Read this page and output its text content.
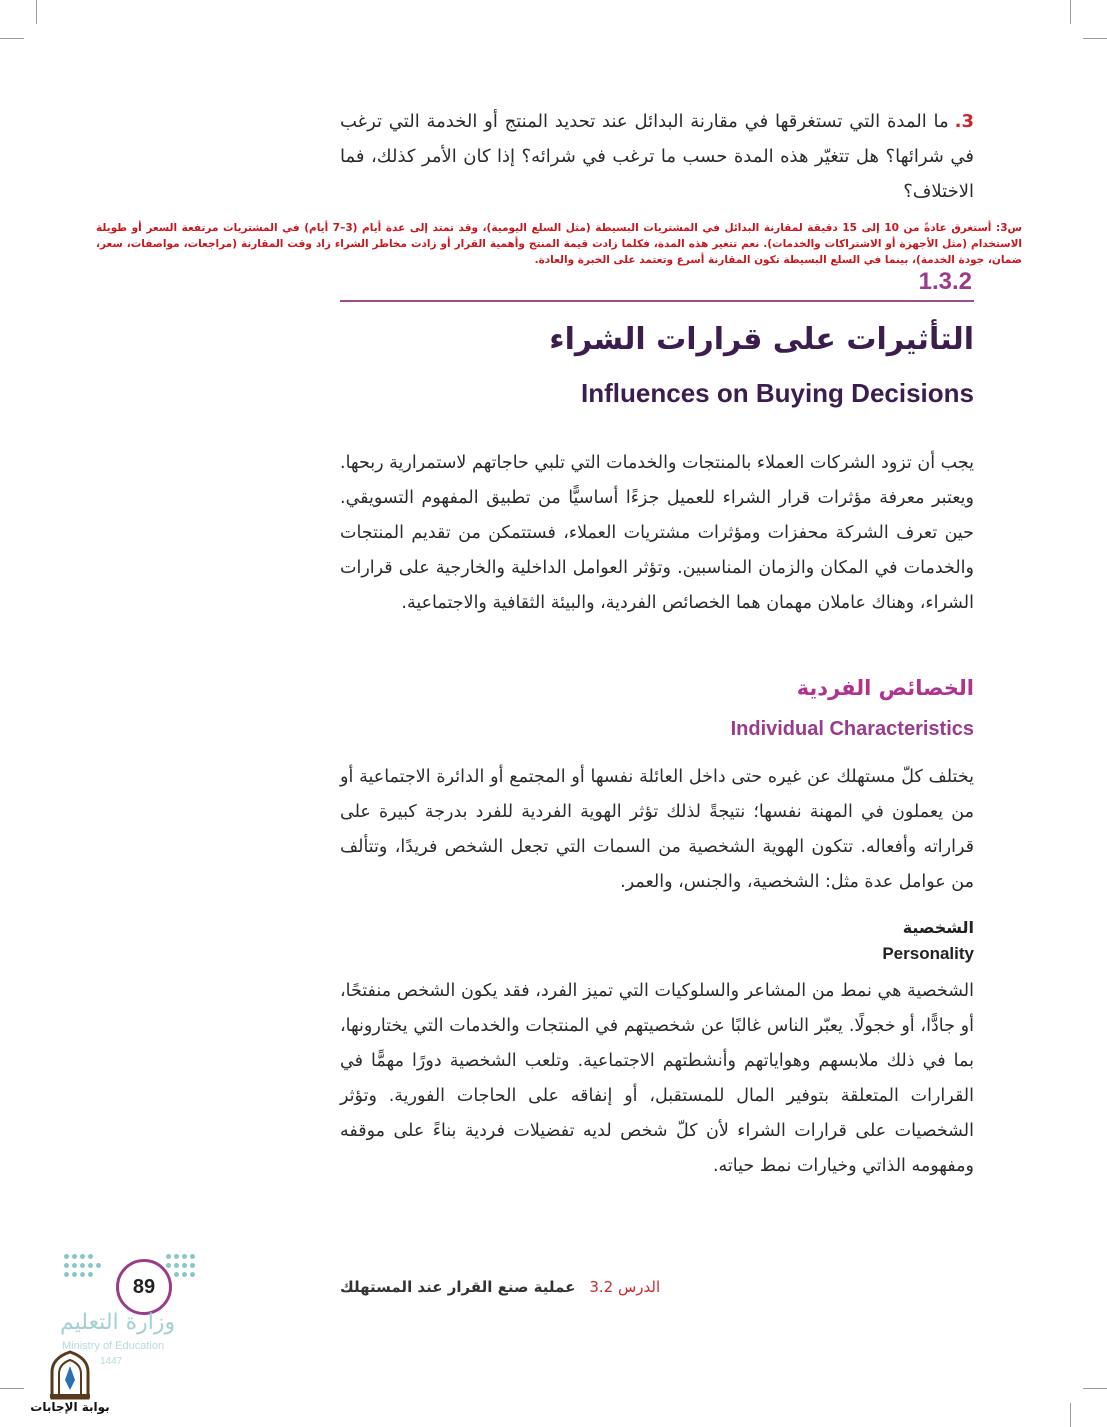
3.ما المدة التي تستغرقها في مقارنة البدائل عند تحديد المنتج أو الخدمة التي ترغب في شرائها؟ هل تتغيّر هذه المدة حسب ما ترغب في شرائه؟ إذا كان الأمر كذلك، فما الاختلاف؟
س3: أستغرق عادةً من 10 إلى 15 دقيقة لمقارنة البدائل في المشتريات البسيطة (مثل السلع اليومية)، وقد تمتد إلى عدة أيام (3–7 أيام) في المشتريات مرتفعة السعر أو طويلة الاستخدام (مثل الأجهزة أو الاشتراكات والخدمات). نعم تتغير هذه المدة، فكلما زادت قيمة المنتج وأهمية القرار أو زادت مخاطر الشراء زاد وقت المقارنة (مراجعات، مواصفات، سعر، ضمان، جودة الخدمة)، بينما في السلع البسيطة تكون المقارنة أسرع وتعتمد على الخبرة والعادة.
1.3.2
التأثيرات على قرارات الشراء
Influences on Buying Decisions
يجب أن تزود الشركات العملاء بالمنتجات والخدمات التي تلبي حاجاتهم لاستمرارية ربحها. ويعتبر معرفة مؤثرات قرار الشراء للعميل جزءًا أساسيًّا من تطبيق المفهوم التسويقي. حين تعرف الشركة محفزات ومؤثرات مشتريات العملاء، فستتمكن من تقديم المنتجات والخدمات في المكان والزمان المناسبين. وتؤثر العوامل الداخلية والخارجية على قرارات الشراء، وهناك عاملان مهمان هما الخصائص الفردية، والبيئة الثقافية والاجتماعية.
الخصائص الفردية
Individual Characteristics
يختلف كلّ مستهلك عن غيره حتى داخل العائلة نفسها أو المجتمع أو الدائرة الاجتماعية أو من يعملون في المهنة نفسها؛ نتيجةً لذلك تؤثر الهوية الفردية للفرد بدرجة كبيرة على قراراته وأفعاله. تتكون الهوية الشخصية من السمات التي تجعل الشخص فريدًا، وتتألف من عوامل عدة مثل: الشخصية، والجنس، والعمر.
الشخصية
Personality
الشخصية هي نمط من المشاعر والسلوكيات التي تميز الفرد، فقد يكون الشخص منفتحًا، أو جادًّا، أو خجولًا. يعبّر الناس غالبًا عن شخصيتهم في المنتجات والخدمات التي يختارونها، بما في ذلك ملابسهم وهواياتهم وأنشطتهم الاجتماعية. وتلعب الشخصية دورًا مهمًّا في القرارات المتعلقة بتوفير المال للمستقبل، أو إنفاقه على الحاجات الفورية. وتؤثر الشخصيات على قرارات الشراء لأن كلّ شخص لديه تفضيلات فردية بناءً على موقفه ومفهومه الذاتي وخيارات نمط حياته.
الدرس 3.2عملية صنع القرار عند المستهلك
89
وزارة التعليم
Ministry of Education
1447
بوابة الإجابات
